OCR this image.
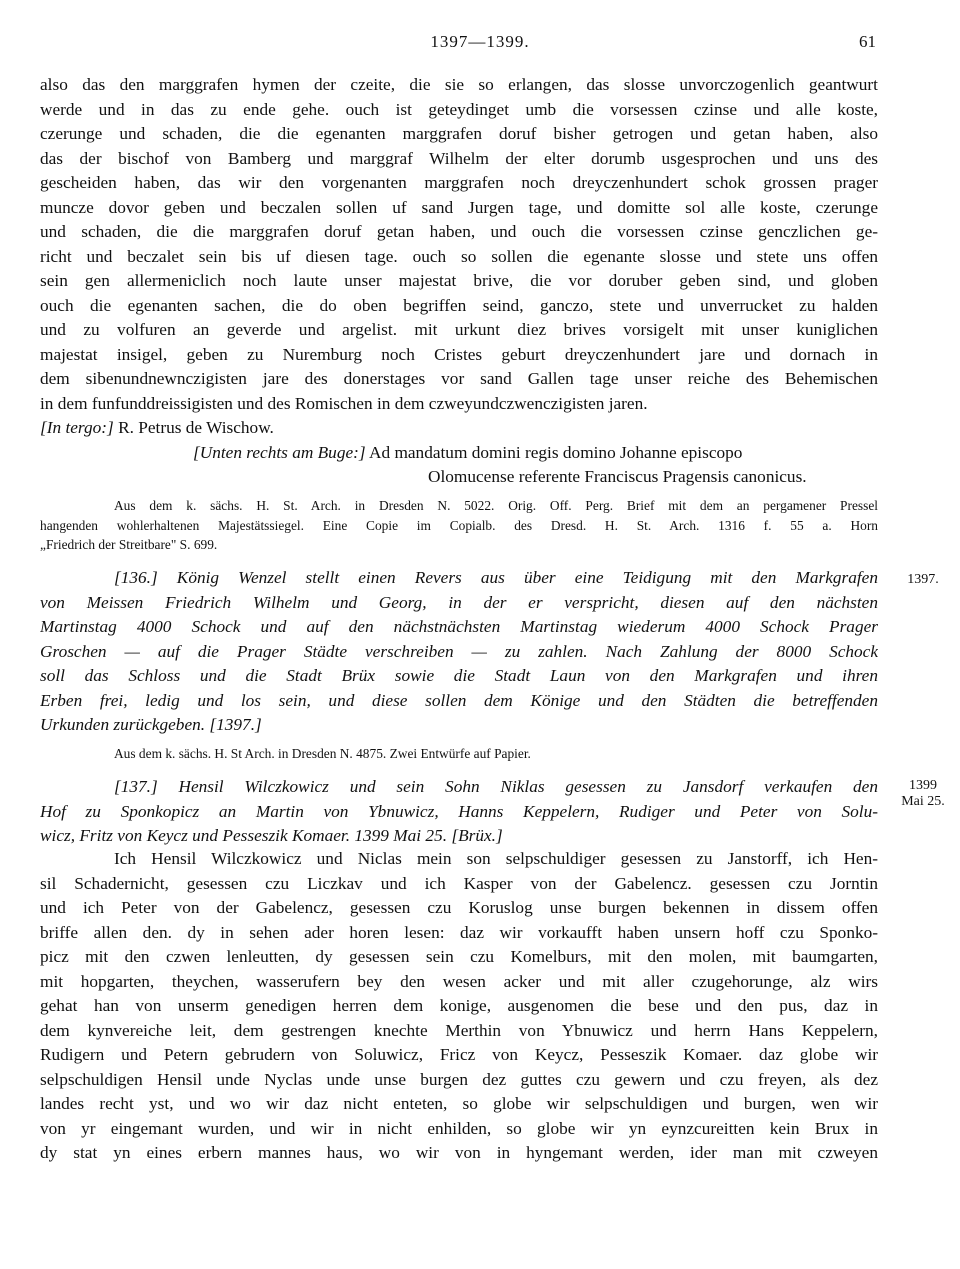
1397—1399.	61
also das den marggrafen hymen der czeite, die sie so erlangen, das slosse unvorczogenlich geantwurt
werde und in das zu ende gehe. ouch ist geteydinget umb die vorsessen czinse und alle koste,
czerunge und schaden, die die egenanten marggrafen doruf bisher getrogen und getan haben, also
das der bischof von Bamberg und marggraf Wilhelm der elter dorumb usgesprochen und uns des
gescheiden haben, das wir den vorgenanten marggrafen noch dreyczenhundert schok grossen prager
muncze dovor geben und beczalen sollen uf sand Jurgen tage, und domitte sol alle koste, czerunge
und schaden, die die marggrafen doruf getan haben, und ouch die vorsessen czinse genczlichen ge-
richt und beczalet sein bis uf diesen tage. ouch so sollen die egenante slosse und stete uns offen
sein gen allermeniclich noch laute unser majestat brive, die vor doruber geben sind, und globen
ouch die egenanten sachen, die do oben begriffen seind, ganczo, stete und unverrucket zu halden
und zu volfuren an geverde und argelist. mit urkunt diez brives vorsigelt mit unser kuniglichen
majestat insigel, geben zu Nuremburg noch Cristes geburt dreyczenhundert jare und dornach in
dem sibenundnewnczigisten jare des donerstages vor sand Gallen tage unser reiche des Behemischen
in dem funfunddreissigisten und des Romischen in dem czweyundczwenczigisten jaren.
[In tergo:] R. Petrus de Wischow.
[Unten rechts am Buge:] Ad mandatum domini regis domino Johanne episcopo
Olomucense referente Franciscus Pragensis canonicus.
Aus dem k. sächs. H. St. Arch. in Dresden N. 5022. Orig. Off. Perg. Brief mit dem an pergamener Pressel
hangenden wohlerhaltenen Majestätssiegel. Eine Copie im Copialb. des Dresd. H. St. Arch. 1316 f. 55 a. Horn
„Friedrich der Streitbare" S. 699.
1397.
[136.] König Wenzel stellt einen Revers aus über eine Teidigung mit den Markgrafen
von Meissen Friedrich Wilhelm und Georg, in der er verspricht, diesen auf den nächsten
Martinstag 4000 Schock und auf den nächstnächsten Martinstag wiederum 4000 Schock Prager
Groschen — auf die Prager Städte verschreiben — zu zahlen. Nach Zahlung der 8000 Schock
soll das Schloss und die Stadt Brüx sowie die Stadt Laun von den Markgrafen und ihren
Erben frei, ledig und los sein, und diese sollen dem Könige und den Städten die betreffenden
Urkunden zurückgeben. [1397.]
Aus dem k. sächs. H. St Arch. in Dresden N. 4875. Zwei Entwürfe auf Papier.
1399
Mai 25.
[137.] Hensil Wilczkowicz und sein Sohn Niklas gesessen zu Jansdorf verkaufen den
Hof zu Sponkopicz an Martin von Ybnuwicz, Hanns Keppelern, Rudiger und Peter von Solu-
wicz, Fritz von Keycz und Pesseszik Komaer. 1399 Mai 25. [Brüx.]
Ich Hensil Wilczkowicz und Niclas mein son selpschuldiger gesessen zu Janstorff, ich Hen-
sil Schadernicht, gesessen czu Liczkav und ich Kasper von der Gabelencz. gesessen czu Jorntin
und ich Peter von der Gabelencz, gesessen czu Koruslog unse burgen bekennen in dissem offen
briffe allen den. dy in sehen ader horen lesen: daz wir vorkaufft haben unsern hoff czu Sponko-
picz mit den czwen lenleutten, dy gesessen sein czu Komelburs, mit den molen, mit baumgarten,
mit hopgarten, theychen, wasserufern bey den wesen acker und mit aller czugehorunge, alz wirs
gehat han von unserm genedigen herren dem konige, ausgenomen die bese und den pus, daz in
dem kynvereiche leit, dem gestrengen knechte Merthin von Ybnuwicz und herrn Hans Keppelern,
Rudigern und Petern gebrudern von Soluwicz, Fricz von Keycz, Pesseszik Komaer. daz globe wir
selpschuldigen Hensil unde Nyclas unde unse burgen dez guttes czu gewern und czu freyen, als dez
landes recht yst, und wo wir daz nicht enteten, so globe wir selpschuldigen und burgen, wen wir
von yr eingemant wurden, und wir in nicht enhilden, so globe wir yn eynzcureitten kein Brux in
dy stat yn eines erbern mannes haus, wo wir von in hyngemant werden, ider man mit czweyen
